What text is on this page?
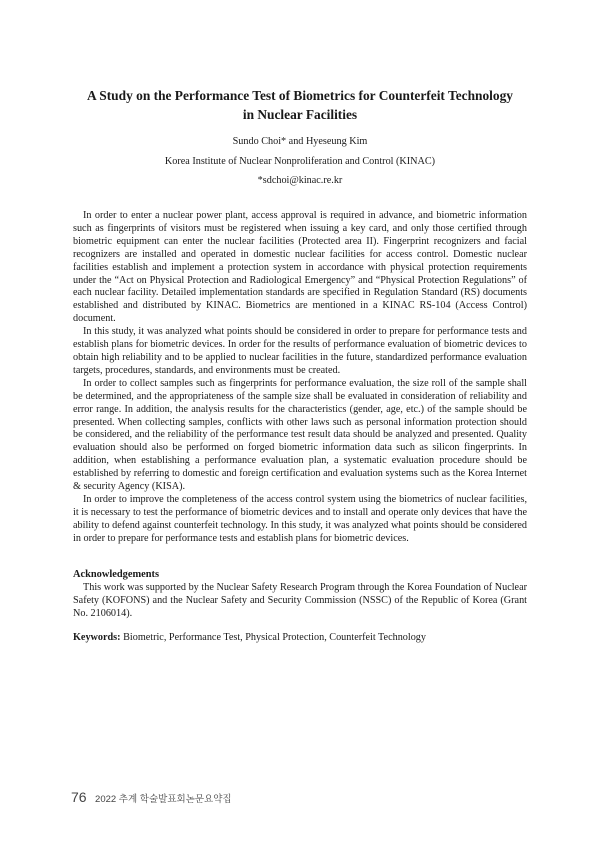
A Study on the Performance Test of Biometrics for Counterfeit Technology
in Nuclear Facilities
Sundo Choi* and Hyeseung Kim
Korea Institute of Nuclear Nonproliferation and Control (KINAC)
*sdchoi@kinac.re.kr

In order to enter a nuclear power plant, access approval is required in advance, and biometric information such as fingerprints of visitors must be registered when issuing a key card, and only those certified through biometric equipment can enter the nuclear facilities (Protected area II). Fingerprint recognizers and facial recognizers are installed and operated in domestic nuclear facilities for access control. Domestic nuclear facilities establish and implement a protection system in accordance with physical protection requirements under the “Act on Physical Protection and Radiological Emergency” and “Physical Protection Regulations” of each nuclear facility. Detailed implementation standards are specified in Regulation Standard (RS) documents established and distributed by KINAC. Biometrics are mentioned in a KINAC RS-104 (Access Control) document.

In this study, it was analyzed what points should be considered in order to prepare for performance tests and establish plans for biometric devices. In order for the results of performance evaluation of biometric devices to obtain high reliability and to be applied to nuclear facilities in the future, standardized performance evaluation targets, procedures, standards, and environments must be created.

In order to collect samples such as fingerprints for performance evaluation, the size roll of the sample shall be determined, and the appropriateness of the sample size shall be evaluated in consideration of reliability and error range. In addition, the analysis results for the characteristics (gender, age, etc.) of the sample should be presented. When collecting samples, conflicts with other laws such as personal information protection should be considered, and the reliability of the performance test result data should be analyzed and presented. Quality evaluation should also be performed on forged biometric information data such as silicon fingerprints. In addition, when establishing a performance evaluation plan, a systematic evaluation procedure should be established by referring to domestic and foreign certification and evaluation systems such as the Korea Internet & security Agency (KISA).

In order to improve the completeness of the access control system using the biometrics of nuclear facilities, it is necessary to test the performance of biometric devices and to install and operate only devices that have the ability to defend against counterfeit technology. In this study, it was analyzed what points should be considered in order to prepare for performance tests and establish plans for biometric devices.

Acknowledgements
This work was supported by the Nuclear Safety Research Program through the Korea Foundation of Nuclear Safety (KOFONS) and the Nuclear Safety and Security Commission (NSSC) of the Republic of Korea (Grant No. 2106014).
Keywords: Biometric, Performance Test, Physical Protection, Counterfeit Technology
76 2022 추계 학술발표회논문요약집
